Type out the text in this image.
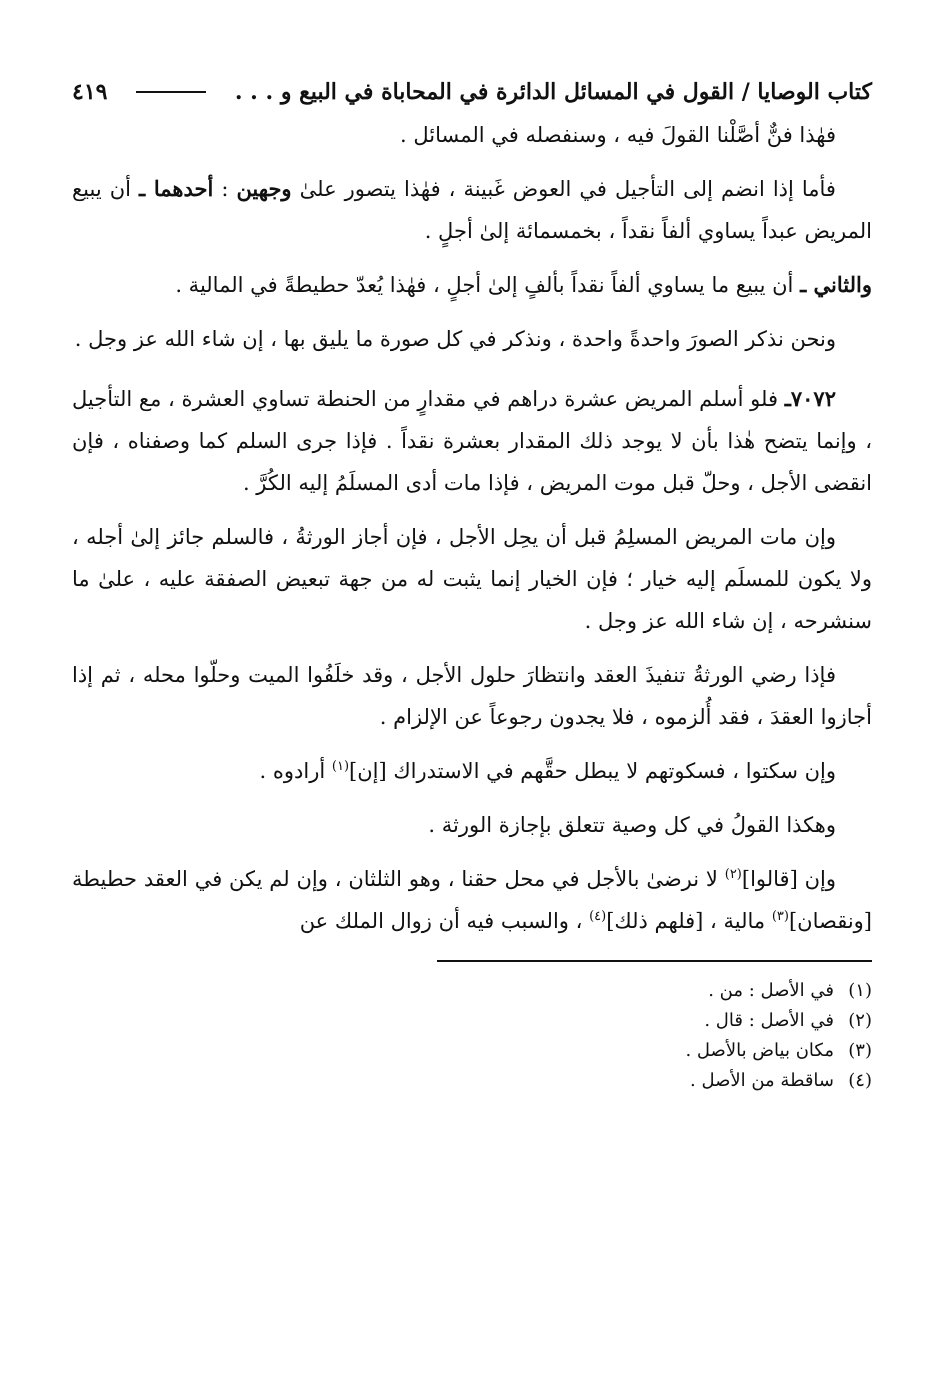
كتاب الوصايا / القول في المسائل الدائرة في المحاباة في البيع و . . .
٤١٩

فهٰذا فنٌّ أصَّلْنا القولَ فيه ، وسنفصله في المسائل .

فأما إذا انضم إلى التأجيل في العوض غَبينة ، فهٰذا يتصور علىٰ وجهين : أحدهما ـ أن يبيع المريض عبداً يساوي ألفاً نقداً ، بخمسمائة إلىٰ أجلٍ .

والثاني ـ أن يبيع ما يساوي ألفاً نقداً بألفٍ إلىٰ أجلٍ ، فهٰذا يُعدّ حطيطةً في المالية .

ونحن نذكر الصورَ واحدةً واحدة ، ونذكر في كل صورة ما يليق بها ، إن شاء الله عز وجل .

٧٠٧٢ـ فلو أسلم المريض عشرة دراهم في مقدارٍ من الحنطة تساوي العشرة ، مع التأجيل ، وإنما يتضح هٰذا بأن لا يوجد ذلك المقدار بعشرة نقداً . فإذا جرى السلم كما وصفناه ، فإن انقضى الأجل ، وحلّ قبل موت المريض ، فإذا مات أدى المسلَمُ إليه الكُرَّ .

وإن مات المريض المسلِمُ قبل أن يحِل الأجل ، فإن أجاز الورثةُ ، فالسلم جائز إلىٰ أجله ، ولا يكون للمسلَم إليه خيار ؛ فإن الخيار إنما يثبت له من جهة تبعيض الصفقة عليه ، علىٰ ما سنشرحه ، إن شاء الله عز وجل .

فإذا رضي الورثةُ تنفيذَ العقد وانتظارَ حلول الأجل ، وقد خلَفُوا الميت وحلّوا محله ، ثم إذا أجازوا العقدَ ، فقد أُلزموه ، فلا يجدون رجوعاً عن الإلزام .

وإن سكتوا ، فسكوتهم لا يبطل حقَّهم في الاستدراك [إن]$^{(١)}$ أرادوه .

وهكذا القولُ في كل وصية تتعلق بإجازة الورثة .

وإن [قالوا]$^{(٢)}$ لا نرضىٰ بالأجل في محل حقنا ، وهو الثلثان ، وإن لم يكن في العقد حطيطة [ونقصان]$^{(٣)}$ مالية ، [فلهم ذلك]$^{(٤)}$ ، والسبب فيه أن زوال الملك عن

(١)
في الأصل : من .
(٢)
في الأصل : قال .
(٣)
مكان بياض بالأصل .
(٤)
ساقطة من الأصل .
